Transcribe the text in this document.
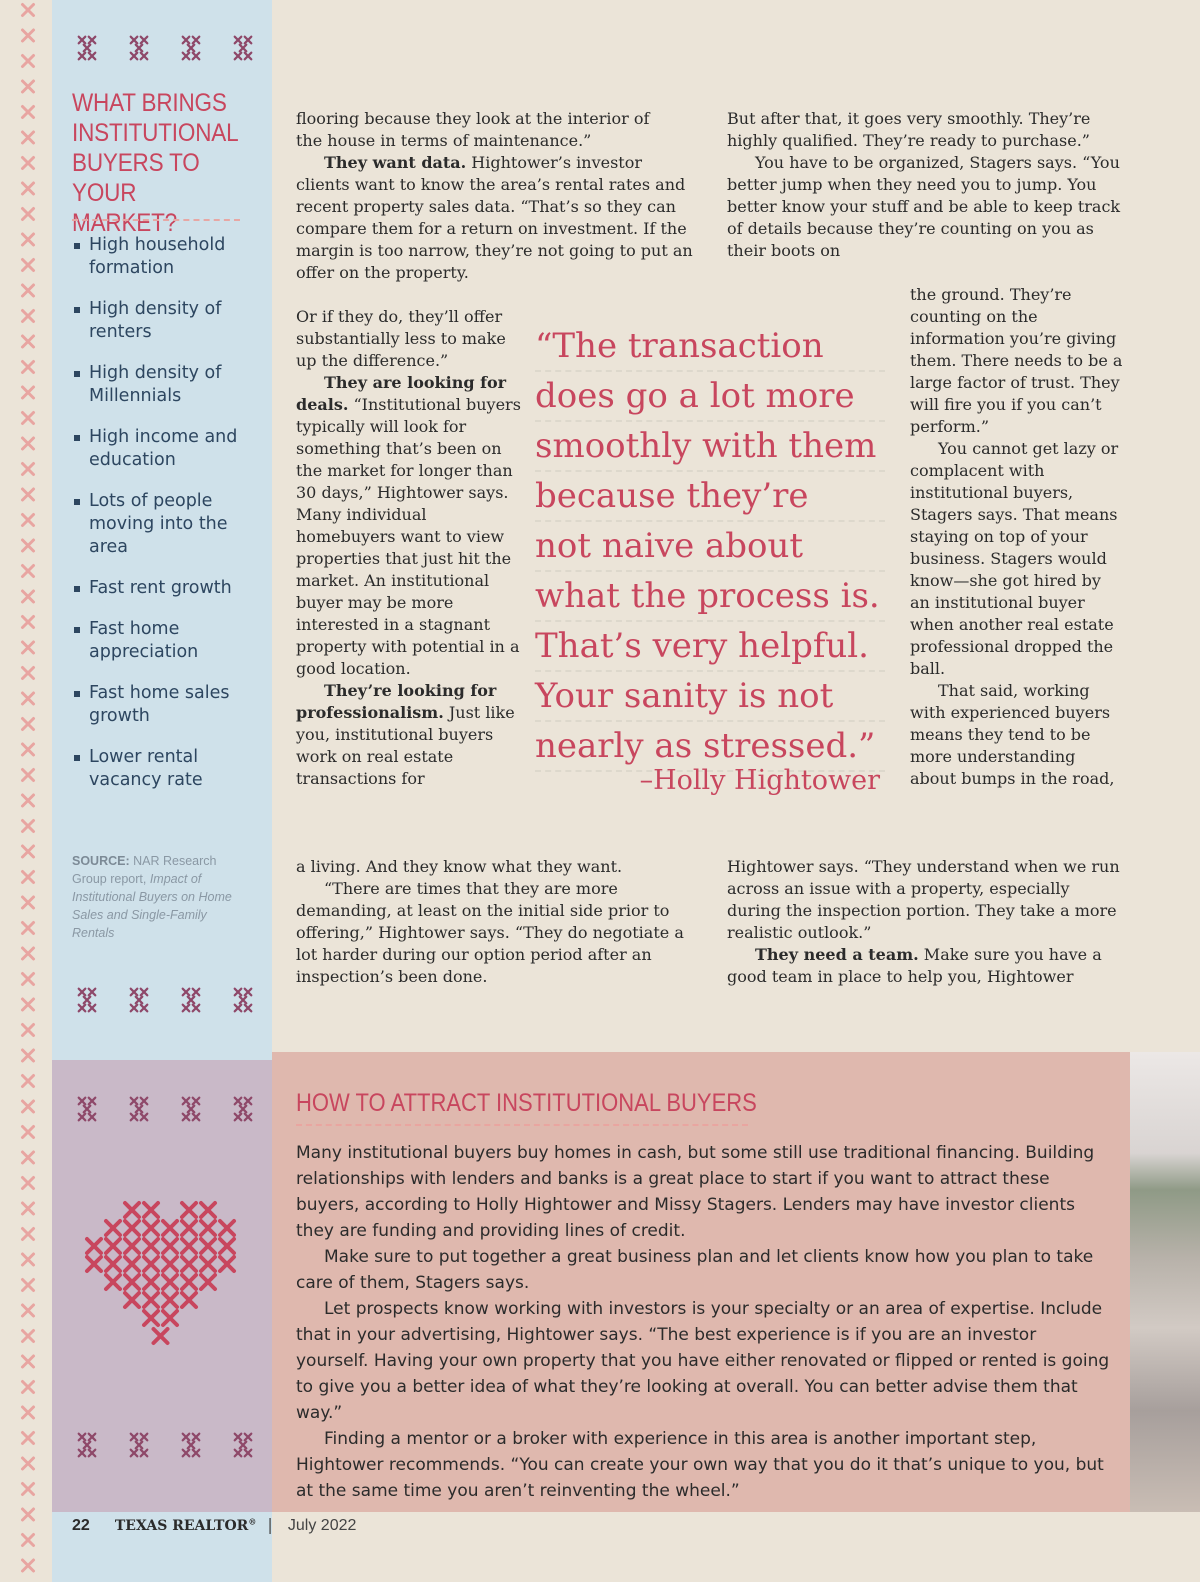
WHAT BRINGS INSTITUTIONAL BUYERS TO YOUR MARKET?
High household formation
High density of renters
High density of Millennials
High income and education
Lots of people moving into the area
Fast rent growth
Fast home appreciation
Fast home sales growth
Lower rental vacancy rate
SOURCE: NAR Research Group report, Impact of Institutional Buyers on Home Sales and Single-Family Rentals
flooring because they look at the interior of
the house in terms of maintenance.”

They want data. Hightower’s investor clients want to know the area’s rental rates and recent property sales data. “That’s so they can compare them for a return on investment. If the margin is too narrow, they’re not going to put an offer on the property.

Or if they do, they’ll offer substantially less to make up the difference.”

They are looking for deals. “Institutional buyers typically will look for something that’s been on the market for longer than 30 days,” Hightower says. Many individual homebuyers want to view properties that just hit the market. An institutional buyer may be more interested in a stagnant property with potential in a good location.

They’re looking for professionalism. Just like you, institutional buyers work on real estate transactions for

a living. And they know what they want.

“There are times that they are more demanding, at least on the initial side prior to offering,” Hightower says. “They do negotiate a lot harder during our option period after an inspection’s been done.

But after that, it goes very smoothly. They’re highly qualified. They’re ready to purchase.”

You have to be organized, Stagers says. “You better jump when they need you to jump. You better know your stuff and be able to keep track of details because they’re counting on you as their boots on

the ground. They’re counting on the information you’re giving them. There needs to be a large factor of trust. They will fire you if you can’t perform.”

You cannot get lazy or complacent with institutional buyers, Stagers says. That means staying on top of your business. Stagers would know—she got hired by an institutional buyer when another real estate professional dropped the ball.

That said, working with experienced buyers means they tend to be more understanding about bumps in the road,

Hightower says. “They understand when we run across an issue with a property, especially during the inspection portion. They take a more realistic outlook.”

They need a team. Make sure you have a good team in place to help you, Hightower

“The transaction
does go a lot more
smoothly with them
because they’re
not naive about
what the process is.
That’s very helpful.
Your sanity is not
nearly as stressed.”
–Holly Hightower
HOW TO ATTRACT INSTITUTIONAL BUYERS

Many institutional buyers buy homes in cash, but some still use traditional financing. Building relationships with lenders and banks is a great place to start if you want to attract these buyers, according to Holly Hightower and Missy Stagers. Lenders may have investor clients they are funding and providing lines of credit.

Make sure to put together a great business plan and let clients know how you plan to take care of them, Stagers says.

Let prospects know working with investors is your specialty or an area of expertise. Include that in your advertising, Hightower says. “The best experience is if you are an investor yourself. Having your own property that you have either renovated or flipped or rented is going to give you a better idea of what they’re looking at overall. You can better advise them that way.”

Finding a mentor or a broker with experience in this area is another important step, Hightower recommends. “You can create your own way that you do it that’s unique to you, but at the same time you aren’t reinventing the wheel.”

22 TEXAS REALTOR® | July 2022
